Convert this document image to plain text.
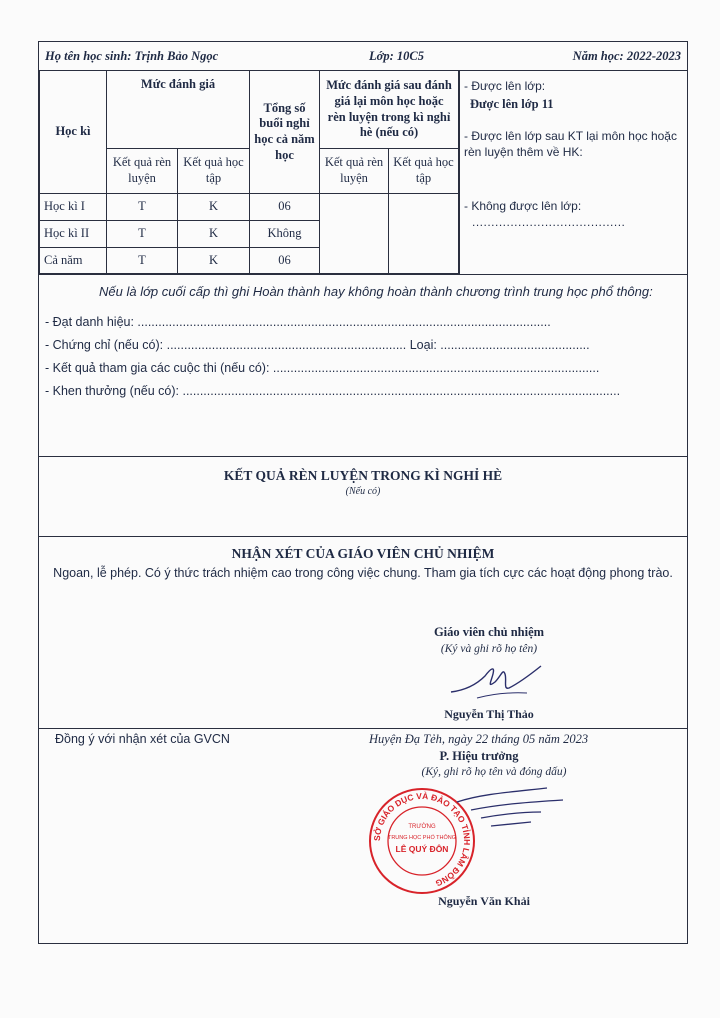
Họ tên học sinh: Trịnh Bảo Ngọc	Lớp: 10C5	Năm học: 2022-2023
Học kì	Mức đánh giá		Tổng số buổi nghỉ học cả năm học	Mức đánh giá sau đánh giá lại môn học hoặc rèn luyện trong kì nghỉ hè (nếu có)	
	Kết quả rèn luyện	Kết quả học tập		Kết quả rèn luyện	Kết quả học tập
Học kì I	T	K	06		
Học kì II	T	K	Không		
Cả năm	T	K	06		
- Được lên lớp:
Được lên lớp 11
- Được lên lớp sau KT lại môn học hoặc rèn luyện thêm về HK:
- Không được lên lớp:
........................................
Nếu là lớp cuối cấp thì ghi Hoàn thành hay không hoàn thành chương trình trung học phổ thông:
- Đạt danh hiệu: .......................................................................................................................
- Chứng chỉ (nếu có): ..................................................................... Loại: ...........................................
- Kết quả tham gia các cuộc thi (nếu có): ..............................................................................................
- Khen thưởng (nếu có): ..............................................................................................................................
KẾT QUẢ RÈN LUYỆN TRONG KÌ NGHỈ HÈ
(Nếu có)
NHẬN XÉT CỦA GIÁO VIÊN CHỦ NHIỆM
Ngoan, lễ phép. Có ý thức trách nhiệm cao trong công việc chung. Tham gia tích cực các hoạt động phong trào.
Giáo viên chủ nhiệm
(Ký và ghi rõ họ tên)
Nguyễn Thị Thảo
Đồng ý với nhận xét của GVCN	Huyện Đạ Tẻh, ngày 22 tháng 05 năm 2023
P. Hiệu trưởng
(Ký, ghi rõ họ tên và đóng dấu)
SỞ GIÁO DỤC VÀ ĐÀO TẠO TỈNH LÂM ĐỒNG
TRƯỜNG
TRUNG HỌC PHỔ THÔNG
LÊ QUÝ ĐÔN
Nguyễn Văn Khải
